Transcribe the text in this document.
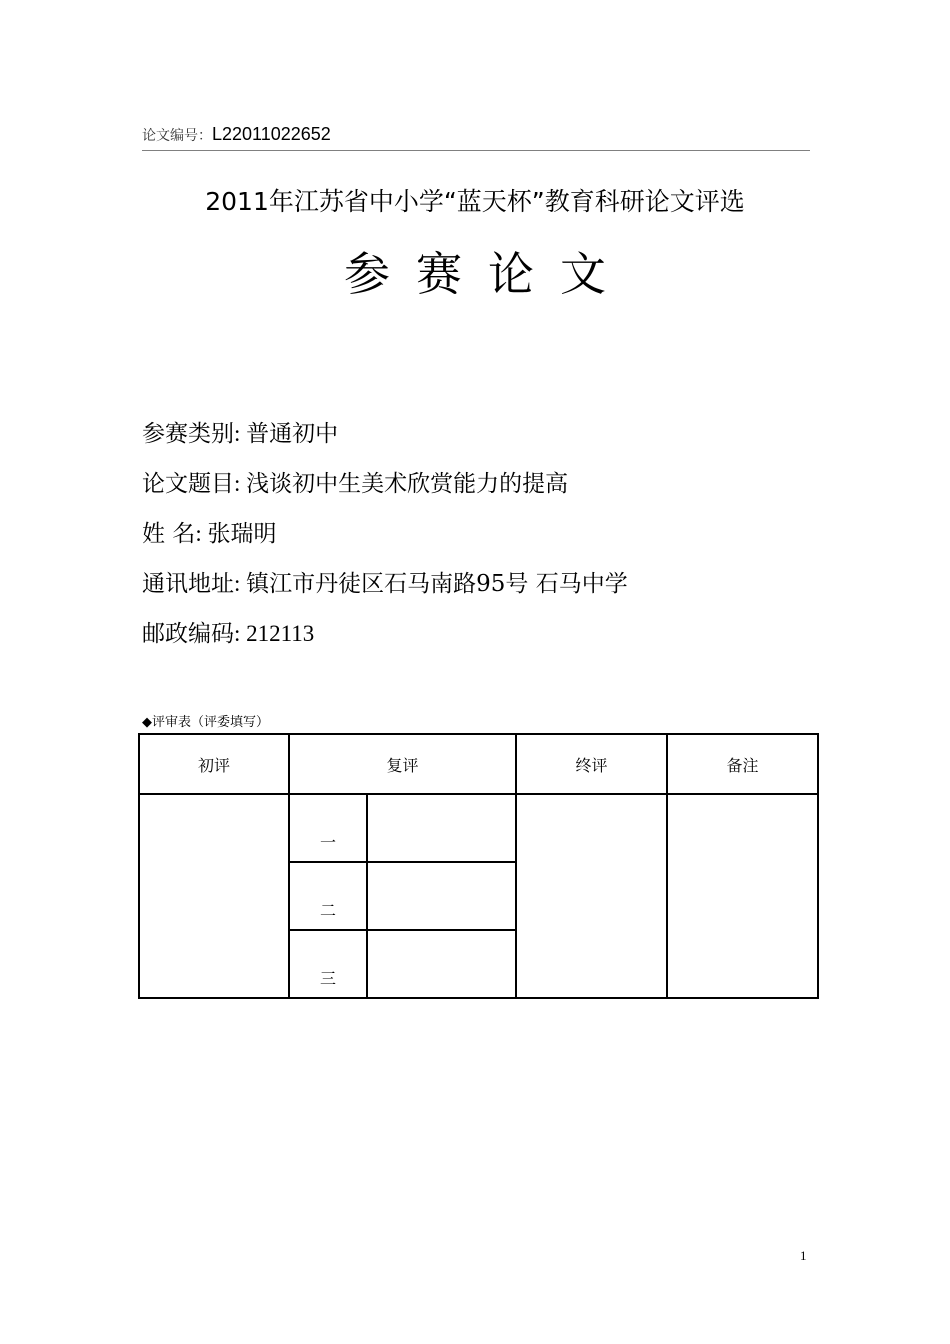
论文编号：L22011022652
2011年江苏省中小学“蓝天杯”教育科研论文评选
参赛论文
参赛类别: 普通初中
论文题目: 浅谈初中生美术欣赏能力的提高
姓 名: 张瑞明
通讯地址: 镇江市丹徒区石马南路95号 石马中学
邮政编码: 212113
◆评审表（评委填写）
初评	复评		终评	备注
	一			
	二			
	三			
1
